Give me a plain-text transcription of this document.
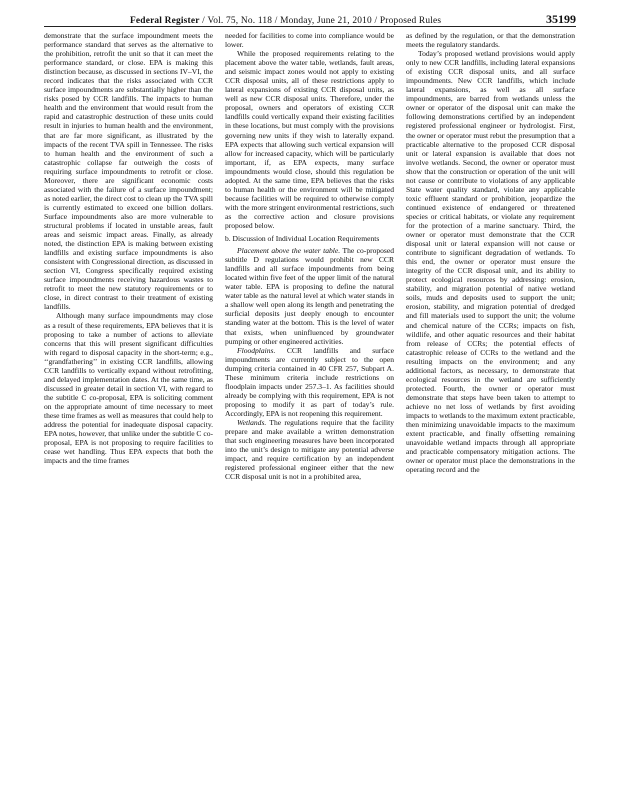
Federal Register / Vol. 75, No. 118 / Monday, June 21, 2010 / Proposed Rules	35199

demonstrate that the surface impoundment meets the performance standard that serves as the alternative to the prohibition, retrofit the unit so that it can meet the performance standard, or close. EPA is making this distinction because, as discussed in sections IV–VI, the record indicates that the risks associated with CCR surface impoundments are substantially higher than the risks posed by CCR landfills. The impacts to human health and the environment that would result from the rapid and catastrophic destruction of these units could result in injuries to human health and the environment, that are far more significant, as illustrated by the impacts of the recent TVA spill in Tennessee. The risks to human health and the environment of such a catastrophic collapse far outweigh the costs of requiring surface impoundments to retrofit or close. Moreover, there are significant economic costs associated with the failure of a surface impoundment; as noted earlier, the direct cost to clean up the TVA spill is currently estimated to exceed one billion dollars. Surface impoundments also are more vulnerable to structural problems if located in unstable areas, fault areas and seismic impact areas. Finally, as already noted, the distinction EPA is making between existing landfills and existing surface impoundments is also consistent with Congressional direction, as discussed in section VI, Congress specifically required existing surface impoundments receiving hazardous wastes to retrofit to meet the new statutory requirements or to close, in direct contrast to their treatment of existing landfills.

Although many surface impoundments may close as a result of these requirements, EPA believes that it is proposing to take a number of actions to alleviate concerns that this will present significant difficulties with regard to disposal capacity in the short-term; e.g., ‘‘grandfathering’’ in existing CCR landfills, allowing CCR landfills to vertically expand without retrofitting, and delayed implementation dates. At the same time, as discussed in greater detail in section VI, with regard to the subtitle C co-proposal, EPA is soliciting comment on the appropriate amount of time necessary to meet these time frames as well as measures that could help to address the potential for inadequate disposal capacity. EPA notes, however, that unlike under the subtitle C co-proposal, EPA is not proposing to require facilities to cease wet handling. Thus EPA expects that both the impacts and the time frames

needed for facilities to come into compliance would be lower.

While the proposed requirements relating to the placement above the water table, wetlands, fault areas, and seismic impact zones would not apply to existing CCR disposal units, all of these restrictions apply to lateral expansions of existing CCR disposal units, as well as new CCR disposal units. Therefore, under the proposal, owners and operators of existing CCR landfills could vertically expand their existing facilities in these locations, but must comply with the provisions governing new units if they wish to laterally expand. EPA expects that allowing such vertical expansion will allow for increased capacity, which will be particularly important, if, as EPA expects, many surface impoundments would close, should this regulation be adopted. At the same time, EPA believes that the risks to human health or the environment will be mitigated because facilities will be required to otherwise comply with the more stringent environmental restrictions, such as the corrective action and closure provisions proposed below.

b. Discussion of Individual Location Requirements

Placement above the water table. The co-proposed subtitle D regulations would prohibit new CCR landfills and all surface impoundments from being located within five feet of the upper limit of the natural water table. EPA is proposing to define the natural water table as the natural level at which water stands in a shallow well open along its length and penetrating the surficial deposits just deeply enough to encounter standing water at the bottom. This is the level of water that exists, when uninfluenced by groundwater pumping or other engineered activities.

Floodplains. CCR landfills and surface impoundments are currently subject to the open dumping criteria contained in 40 CFR 257, Subpart A. These minimum criteria include restrictions on floodplain impacts under 257.3–1. As facilities should already be complying with this requirement, EPA is not proposing to modify it as part of today’s rule. Accordingly, EPA is not reopening this requirement.

Wetlands. The regulations require that the facility prepare and make available a written demonstration that such engineering measures have been incorporated into the unit’s design to mitigate any potential adverse impact, and require certification by an independent registered professional engineer either that the new CCR disposal unit is not in a prohibited area,

as defined by the regulation, or that the demonstration meets the regulatory standards.

Today’s proposed wetland provisions would apply only to new CCR landfills, including lateral expansions of existing CCR disposal units, and all surface impoundments. New CCR landfills, which include lateral expansions, as well as all surface impoundments, are barred from wetlands unless the owner or operator of the disposal unit can make the following demonstrations certified by an independent registered professional engineer or hydrologist. First, the owner or operator must rebut the presumption that a practicable alternative to the proposed CCR disposal unit or lateral expansion is available that does not involve wetlands. Second, the owner or operator must show that the construction or operation of the unit will not cause or contribute to violations of any applicable State water quality standard, violate any applicable toxic effluent standard or prohibition, jeopardize the continued existence of endangered or threatened species or critical habitats, or violate any requirement for the protection of a marine sanctuary. Third, the owner or operator must demonstrate that the CCR disposal unit or lateral expansion will not cause or contribute to significant degradation of wetlands. To this end, the owner or operator must ensure the integrity of the CCR disposal unit, and its ability to protect ecological resources by addressing: erosion, stability, and migration potential of native wetland soils, muds and deposits used to support the unit; erosion, stability, and migration potential of dredged and fill materials used to support the unit; the volume and chemical nature of the CCRs; impacts on fish, wildlife, and other aquatic resources and their habitat from release of CCRs; the potential effects of catastrophic release of CCRs to the wetland and the resulting impacts on the environment; and any additional factors, as necessary, to demonstrate that ecological resources in the wetland are sufficiently protected. Fourth, the owner or operator must demonstrate that steps have been taken to attempt to achieve no net loss of wetlands by first avoiding impacts to wetlands to the maximum extent practicable, then minimizing unavoidable impacts to the maximum extent practicable, and finally offsetting remaining unavoidable wetland impacts through all appropriate and practicable compensatory mitigation actions. The owner or operator must place the demonstrations in the operating record and the
